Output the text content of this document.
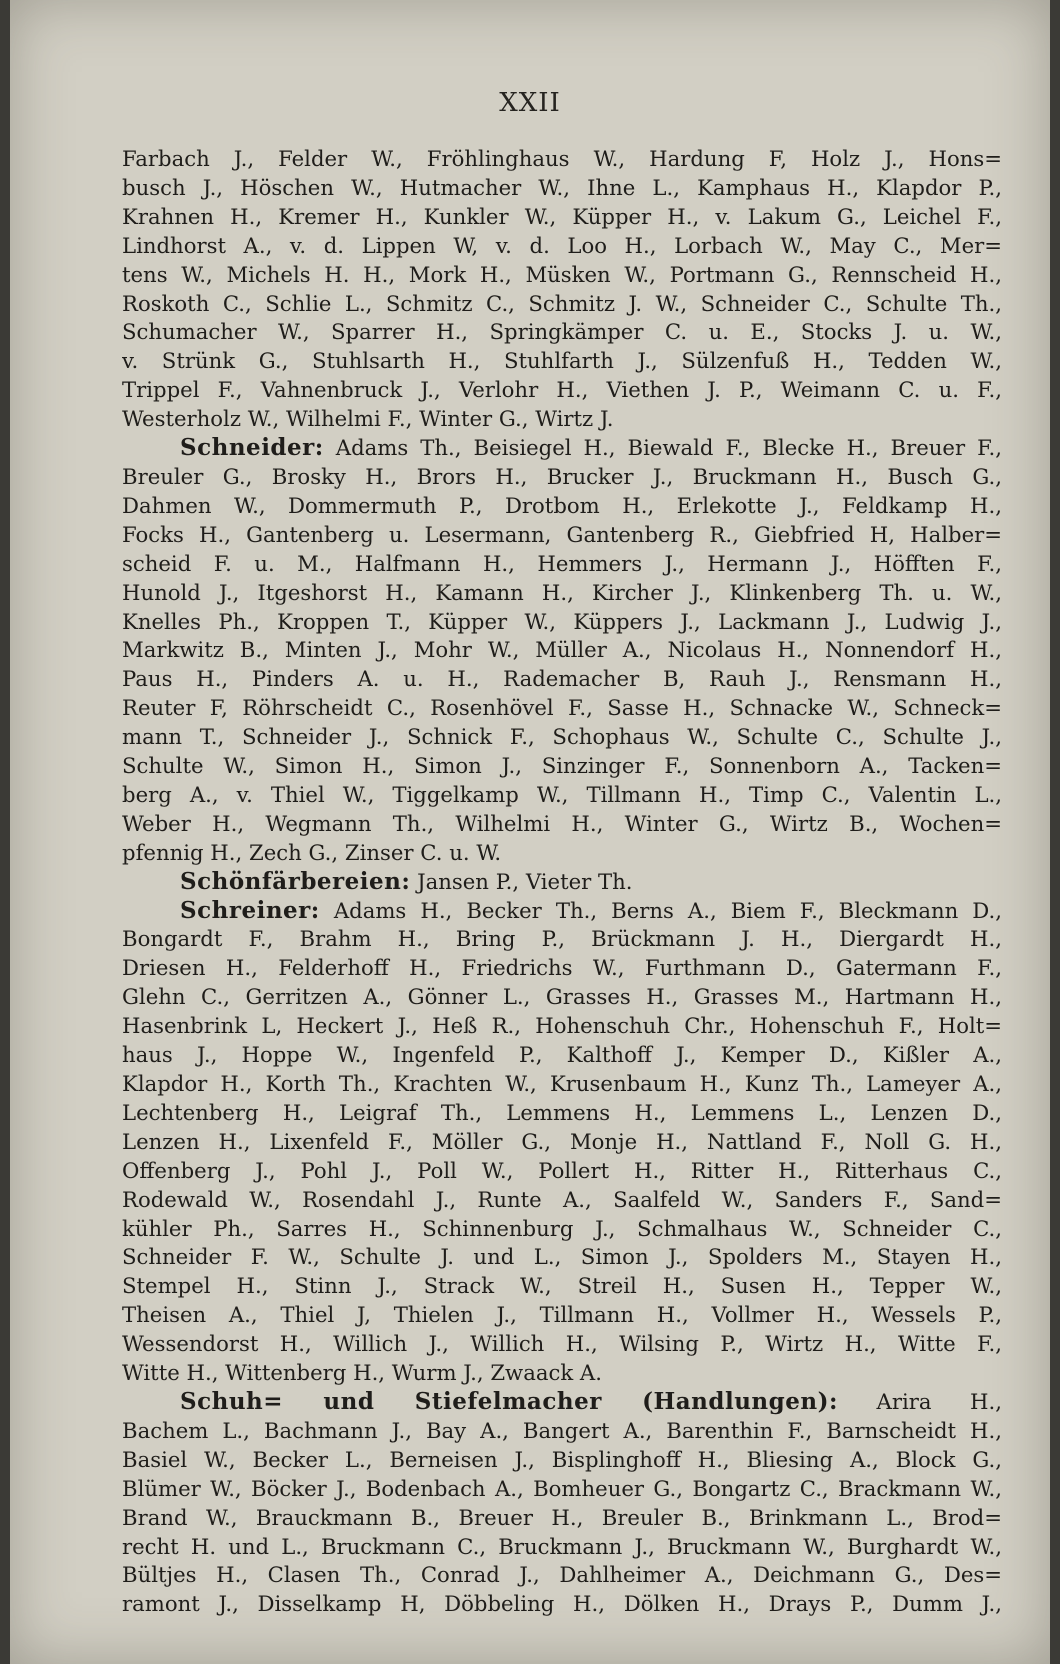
XXII
Farbach J., Felder W., Fröhlinghaus W., Hardung F, Holz J., Hons=
busch J., Höschen W., Hutmacher W., Ihne L., Kamphaus H., Klapdor P.,
Krahnen H., Kremer H., Kunkler W., Küpper H., v. Lakum G., Leichel F.,
Lindhorst A., v. d. Lippen W, v. d. Loo H., Lorbach W., May C., Mer=
tens W., Michels H. H., Mork H., Müsken W., Portmann G., Rennscheid H.,
Roskoth C., Schlie L., Schmitz C., Schmitz J. W., Schneider C., Schulte Th.,
Schumacher W., Sparrer H., Springkämper C. u. E., Stocks J. u. W.,
v. Strünk G., Stuhlsarth H., Stuhlfarth J., Sülzenfuß H., Tedden W.,
Trippel F., Vahnenbruck J., Verlohr H., Viethen J. P., Weimann C. u. F.,
Westerholz W., Wilhelmi F., Winter G., Wirtz J.
Schneider: Adams Th., Beisiegel H., Biewald F., Blecke H., Breuer F.,
Breuler G., Brosky H., Brors H., Brucker J., Bruckmann H., Busch G.,
Dahmen W., Dommermuth P., Drotbom H., Erlekotte J., Feldkamp H.,
Focks H., Gantenberg u. Lesermann, Gantenberg R., Giebfried H, Halber=
scheid F. u. M., Halfmann H., Hemmers J., Hermann J., Höfften F.,
Hunold J., Itgeshorst H., Kamann H., Kircher J., Klinkenberg Th. u. W.,
Knelles Ph., Kroppen T., Küpper W., Küppers J., Lackmann J., Ludwig J.,
Markwitz B., Minten J., Mohr W., Müller A., Nicolaus H., Nonnendorf H.,
Paus H., Pinders A. u. H., Rademacher B, Rauh J., Rensmann H.,
Reuter F, Röhrscheidt C., Rosenhövel F., Sasse H., Schnacke W., Schneck=
mann T., Schneider J., Schnick F., Schophaus W., Schulte C., Schulte J.,
Schulte W., Simon H., Simon J., Sinzinger F., Sonnenborn A., Tacken=
berg A., v. Thiel W., Tiggelkamp W., Tillmann H., Timp C., Valentin L.,
Weber H., Wegmann Th., Wilhelmi H., Winter G., Wirtz B., Wochen=
pfennig H., Zech G., Zinser C. u. W.
Schönfärbereien: Jansen P., Vieter Th.
Schreiner: Adams H., Becker Th., Berns A., Biem F., Bleckmann D.,
Bongardt F., Brahm H., Bring P., Brückmann J. H., Diergardt H.,
Driesen H., Felderhoff H., Friedrichs W., Furthmann D., Gatermann F.,
Glehn C., Gerritzen A., Gönner L., Grasses H., Grasses M., Hartmann H.,
Hasenbrink L, Heckert J., Heß R., Hohenschuh Chr., Hohenschuh F., Holt=
haus J., Hoppe W., Ingenfeld P., Kalthoff J., Kemper D., Kißler A.,
Klapdor H., Korth Th., Krachten W., Krusenbaum H., Kunz Th., Lameyer A.,
Lechtenberg H., Leigraf Th., Lemmens H., Lemmens L., Lenzen D.,
Lenzen H., Lixenfeld F., Möller G., Monje H., Nattland F., Noll G. H.,
Offenberg J., Pohl J., Poll W., Pollert H., Ritter H., Ritterhaus C.,
Rodewald W., Rosendahl J., Runte A., Saalfeld W., Sanders F., Sand=
kühler Ph., Sarres H., Schinnenburg J., Schmalhaus W., Schneider C.,
Schneider F. W., Schulte J. und L., Simon J., Spolders M., Stayen H.,
Stempel H., Stinn J., Strack W., Streil H., Susen H., Tepper W.,
Theisen A., Thiel J, Thielen J., Tillmann H., Vollmer H., Wessels P.,
Wessendorst H., Willich J., Willich H., Wilsing P., Wirtz H., Witte F.,
Witte H., Wittenberg H., Wurm J., Zwaack A.
Schuh= und Stiefelmacher (Handlungen): Arira H.,
Bachem L., Bachmann J., Bay A., Bangert A., Barenthin F., Barnscheidt H.,
Basiel W., Becker L., Berneisen J., Bisplinghoff H., Bliesing A., Block G.,
Blümer W., Böcker J., Bodenbach A., Bomheuer G., Bongartz C., Brackmann W.,
Brand W., Brauckmann B., Breuer H., Breuler B., Brinkmann L., Brod=
recht H. und L., Bruckmann C., Bruckmann J., Bruckmann W., Burghardt W.,
Bültjes H., Clasen Th., Conrad J., Dahlheimer A., Deichmann G., Des=
ramont J., Disselkamp H, Döbbeling H., Dölken H., Drays P., Dumm J.,
